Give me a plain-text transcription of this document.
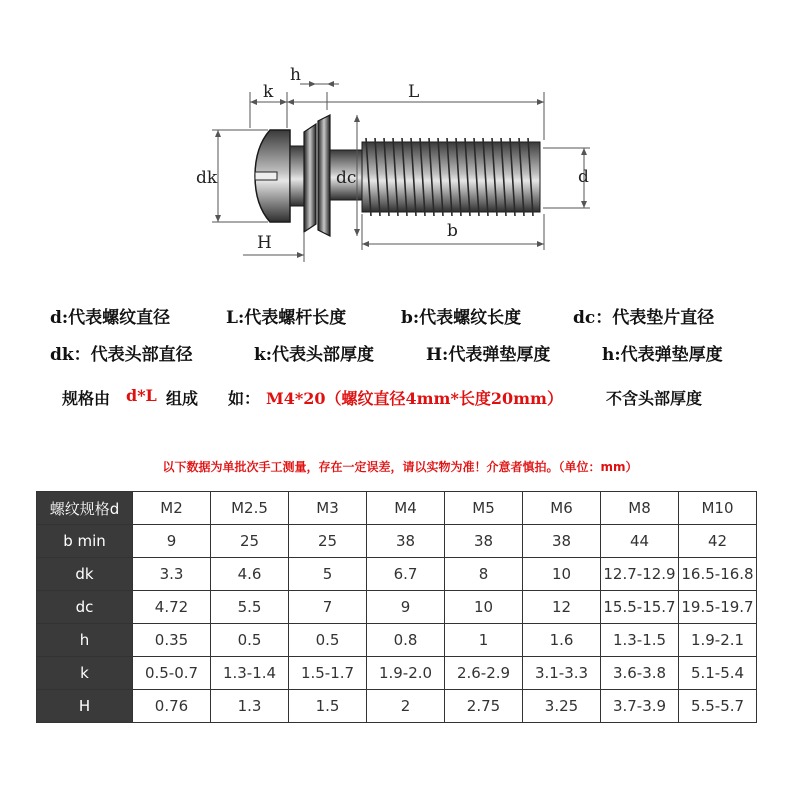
k
h
L
dk	dc	d
H
b
d:代表螺纹直径	L:代表螺杆长度	b:代表螺纹长度	dc：代表垫片直径
dk：代表头部直径	k:代表头部厚度	H:代表弹垫厚度	h:代表弹垫厚度
规格由 d*L 组成 如： M4*20（螺纹直径4mm*长度20mm）	不含头部厚度
以下数据为单批次手工测量，存在一定误差，请以实物为准！介意者慎拍。（单位：mm）
螺纹规格d	M2	M2.5	M3	M4	M5	M6	M8	M10
b min	9	25	25	38	38	38	44	42
dk	3.3	4.6	5	6.7	8	10	12.7-12.9	16.5-16.8
dc	4.72	5.5	7	9	10	12	15.5-15.7	19.5-19.7
h	0.35	0.5	0.5	0.8	1	1.6	1.3-1.5	1.9-2.1
k	0.5-0.7	1.3-1.4	1.5-1.7	1.9-2.0	2.6-2.9	3.1-3.3	3.6-3.8	5.1-5.4
H	0.76	1.3	1.5	2	2.75	3.25	3.7-3.9	5.5-5.7
